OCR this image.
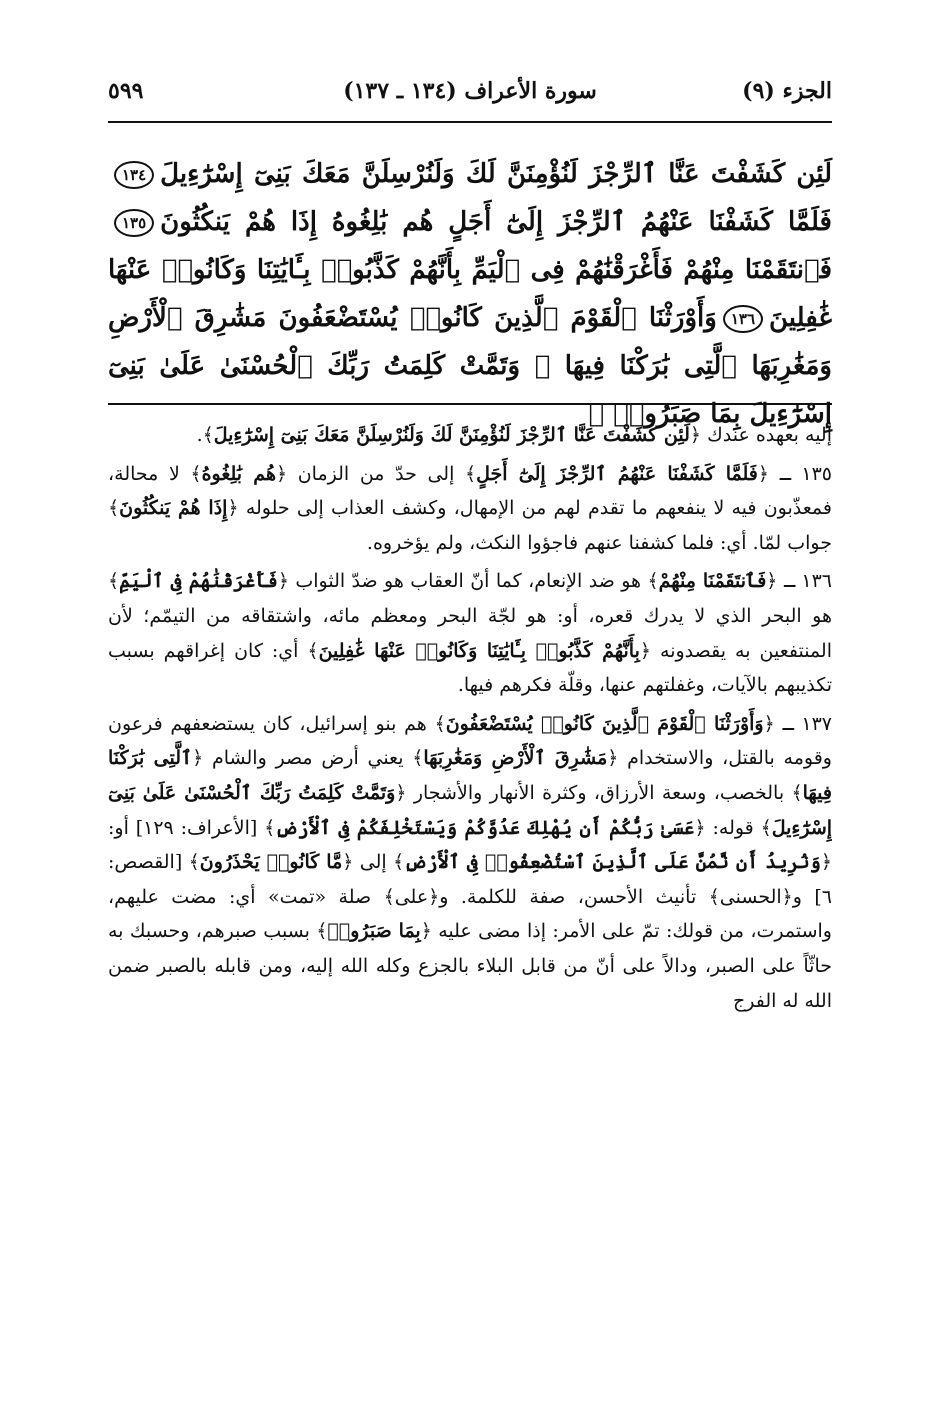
الجزء (٩)
سورة الأعراف (١٣٤ ـ ١٣٧)
٥٩٩

لَئِن كَشَفْتَ عَنَّا ٱلرِّجْزَ لَنُؤْمِنَنَّ لَكَ وَلَنُرْسِلَنَّ مَعَكَ بَنِىٓ إِسْرَٰٓءِيلَ١٣٤فَلَمَّا كَشَفْنَا عَنْهُمُ ٱلرِّجْزَ إِلَىٰٓ أَجَلٍ هُم بَٰلِغُوهُ إِذَا هُمْ يَنكُثُونَ١٣٥فَٱنتَقَمْنَا مِنْهُمْ فَأَغْرَقْنَٰهُمْ فِى ٱلْيَمِّ بِأَنَّهُمْ كَذَّبُوا۟ بِـَٔايَٰتِنَا وَكَانُوا۟ عَنْهَا غَٰفِلِينَ١٣٦وَأَوْرَثْنَا ٱلْقَوْمَ ٱلَّذِينَ كَانُوا۟ يُسْتَضْعَفُونَ مَشَٰرِقَ ٱلْأَرْضِ وَمَغَٰرِبَهَا ٱلَّتِى بَٰرَكْنَا فِيهَا ۖ وَتَمَّتْ كَلِمَتُ رَبِّكَ ٱلْحُسْنَىٰ عَلَىٰ بَنِىٓ إِسْرَٰٓءِيلَ بِمَا صَبَرُوا۟ ۖ

إليه بعهده عندك ﴿لَئِن كَشَفْتَ عَنَّا ٱلرِّجْزَ لَنُؤْمِنَنَّ لَكَ وَلَنُرْسِلَنَّ مَعَكَ بَنِىٓ إِسْرَٰٓءِيلَ﴾.

١٣٥ ـ ﴿فَلَمَّا كَشَفْنَا عَنْهُمُ ٱلرِّجْزَ إِلَىٰٓ أَجَلٍ﴾ إلى حدّ من الزمان ﴿هُم بَٰلِغُوهُ﴾ لا محالة، فمعذّبون فيه لا ينفعهم ما تقدم لهم من الإمهال، وكشف العذاب إلى حلوله ﴿إِذَا هُمْ يَنكُثُونَ﴾ جواب لمّا. أي: فلما كشفنا عنهم فاجؤوا النكث، ولم يؤخروه.

١٣٦ ـ ﴿فَٱنتَقَمْنَا مِنْهُمْ﴾ هو ضد الإنعام، كما أنّ العقاب هو ضدّ الثواب ﴿فَأَغْرَقْنَٰهُمْ فِى ٱلْيَمِّ﴾ هو البحر الذي لا يدرك قعره، أو: هو لجّة البحر ومعظم مائه، واشتقاقه من التيمّم؛ لأن المنتفعين به يقصدونه ﴿بِأَنَّهُمْ كَذَّبُوا۟ بِـَٔايَٰتِنَا وَكَانُوا۟ عَنْهَا غَٰفِلِينَ﴾ أي: كان إغراقهم بسبب تكذيبهم بالآيات، وغفلتهم عنها، وقلّة فكرهم فيها.

١٣٧ ـ ﴿وَأَوْرَثْنَا ٱلْقَوْمَ ٱلَّذِينَ كَانُوا۟ يُسْتَضْعَفُونَ﴾ هم بنو إسرائيل، كان يستضعفهم فرعون وقومه بالقتل، والاستخدام ﴿مَشَٰرِقَ ٱلْأَرْضِ وَمَغَٰرِبَهَا﴾ يعني أرض مصر والشام ﴿ٱلَّتِى بَٰرَكْنَا فِيهَا﴾ بالخصب، وسعة الأرزاق، وكثرة الأنهار والأشجار ﴿وَتَمَّتْ كَلِمَتُ رَبِّكَ ٱلْحُسْنَىٰ عَلَىٰ بَنِىٓ إِسْرَٰٓءِيلَ﴾ قوله: ﴿عَسَىٰ رَبُّكُمْ أَن يُهْلِكَ عَدُوَّكُمْ وَيَسْتَخْلِفَكُمْ فِى ٱلْأَرْضِ﴾ [الأعراف: ١٢٩] أو: ﴿وَنُرِيدُ أَن نَّمُنَّ عَلَى ٱلَّذِينَ ٱسْتُضْعِفُوا۟ فِى ٱلْأَرْضِ﴾ إلى ﴿مَّا كَانُوا۟ يَحْذَرُونَ﴾ [القصص: ٦] و﴿الحسنى﴾ تأنيث الأحسن، صفة للكلمة. و﴿على﴾ صلة «تمت» أي: مضت عليهم، واستمرت، من قولك: تمّ على الأمر: إذا مضى عليه ﴿بِمَا صَبَرُوا۟﴾ بسبب صبرهم، وحسبك به حاثّاً على الصبر، ودالاً على أنّ من قابل البلاء بالجزع وكله الله إليه، ومن قابله بالصبر ضمن الله له الفرج
